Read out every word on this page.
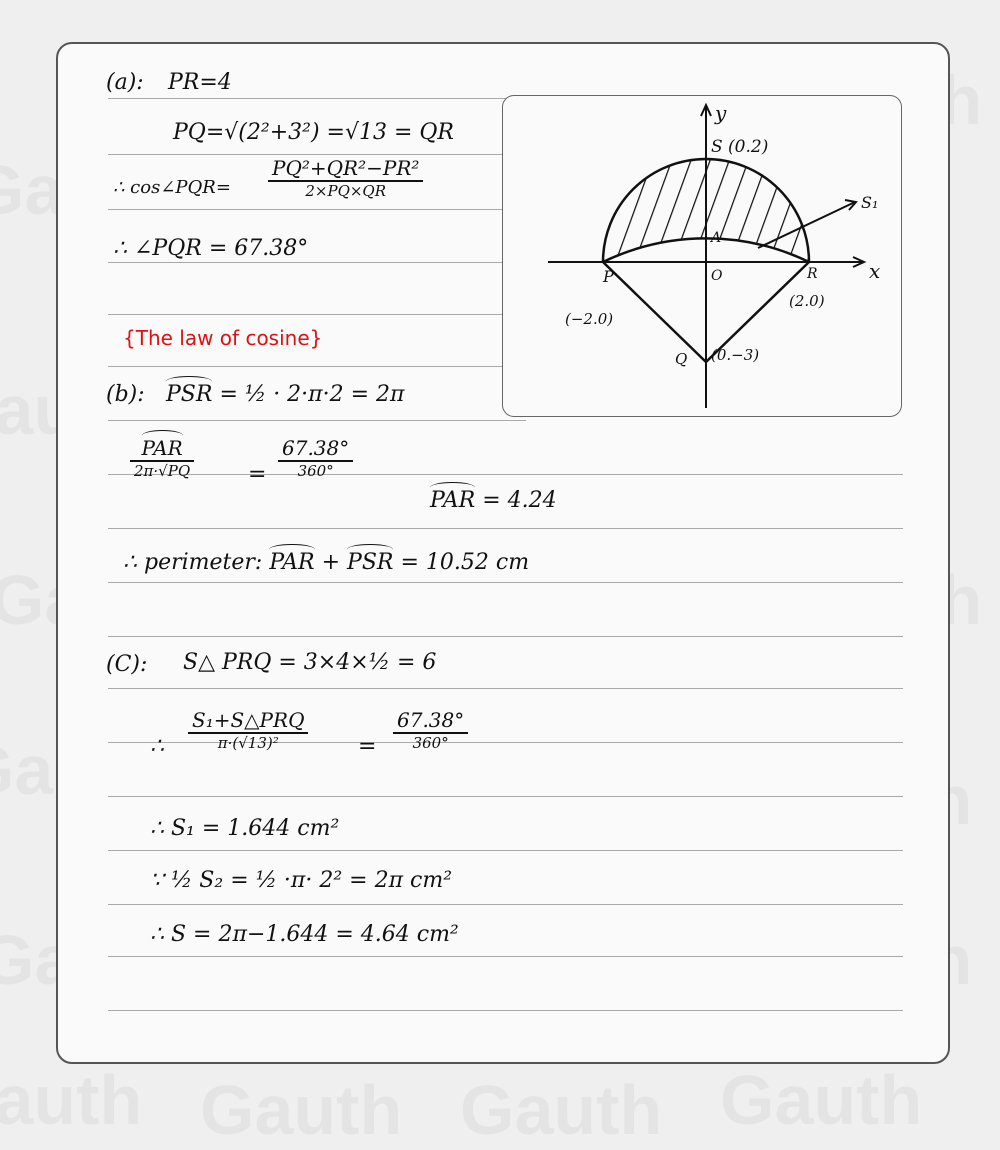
(a): PR=4
PQ=√(2²+3²) =√13 = QR
∴ cos∠PQR=
PQ²+QR²−PR²
2×PQ×QR
∴ ∠PQR = 67.38°
{The law of cosine}
(b): PSR = ½ · 2·π·2 = 2π
PAR
2π·√PQ	=
67.38°
360°
PAR = 4.24
∴ perimeter: PAR + PSR = 10.52 cm
(C): S△ PRQ = 3×4×½ = 6
∴
S₁+S△PRQ
π·(√13)²	=
67.38°
360°
∴ S₁ = 1.644 cm²
∵ ½ S₂ = ½ ·π· 2² = 2π cm²
∴ S = 2π−1.644 = 4.64 cm²
y
x
S (0.2)
S₁
A
O
P
(−2.0)
R
(2.0)
Q (0.−3)
